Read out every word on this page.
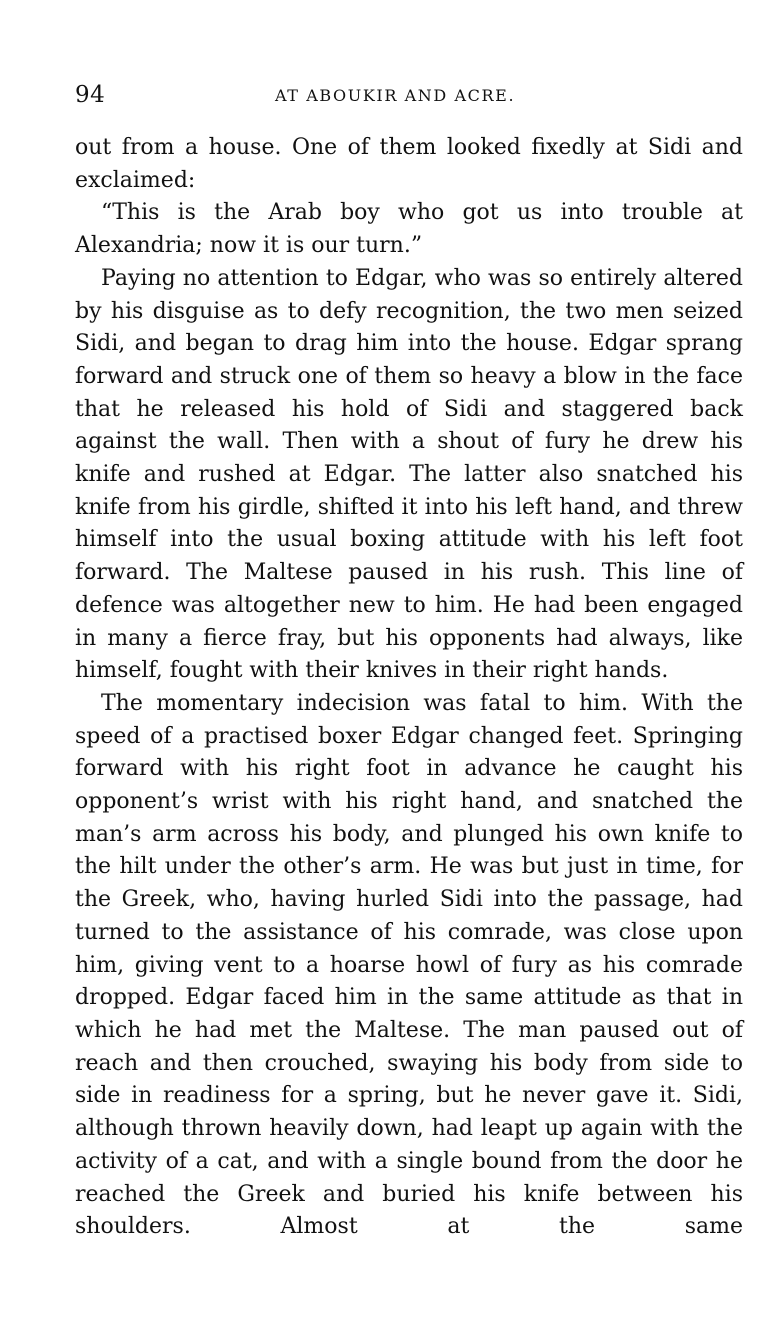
94	AT ABOUKIR AND ACRE.

out from a house. One of them looked fixedly at Sidi and exclaimed:

“This is the Arab boy who got us into trouble at Alexandria; now it is our turn.”

Paying no attention to Edgar, who was so entirely altered by his disguise as to defy recognition, the two men seized Sidi, and began to drag him into the house. Edgar sprang forward and struck one of them so heavy a blow in the face that he released his hold of Sidi and staggered back against the wall. Then with a shout of fury he drew his knife and rushed at Edgar. The latter also snatched his knife from his girdle, shifted it into his left hand, and threw himself into the usual boxing attitude with his left foot forward. The Maltese paused in his rush. This line of defence was altogether new to him. He had been engaged in many a fierce fray, but his opponents had always, like himself, fought with their knives in their right hands.

The momentary indecision was fatal to him. With the speed of a practised boxer Edgar changed feet. Springing forward with his right foot in advance he caught his opponent’s wrist with his right hand, and snatched the man’s arm across his body, and plunged his own knife to the hilt under the other’s arm. He was but just in time, for the Greek, who, having hurled Sidi into the passage, had turned to the assistance of his comrade, was close upon him, giving vent to a hoarse howl of fury as his comrade dropped. Edgar faced him in the same attitude as that in which he had met the Maltese. The man paused out of reach and then crouched, swaying his body from side to side in readiness for a spring, but he never gave it. Sidi, although thrown heavily down, had leapt up again with the activity of a cat, and with a single bound from the door he reached the Greek and buried his knife between his shoulders. Almost at the same
